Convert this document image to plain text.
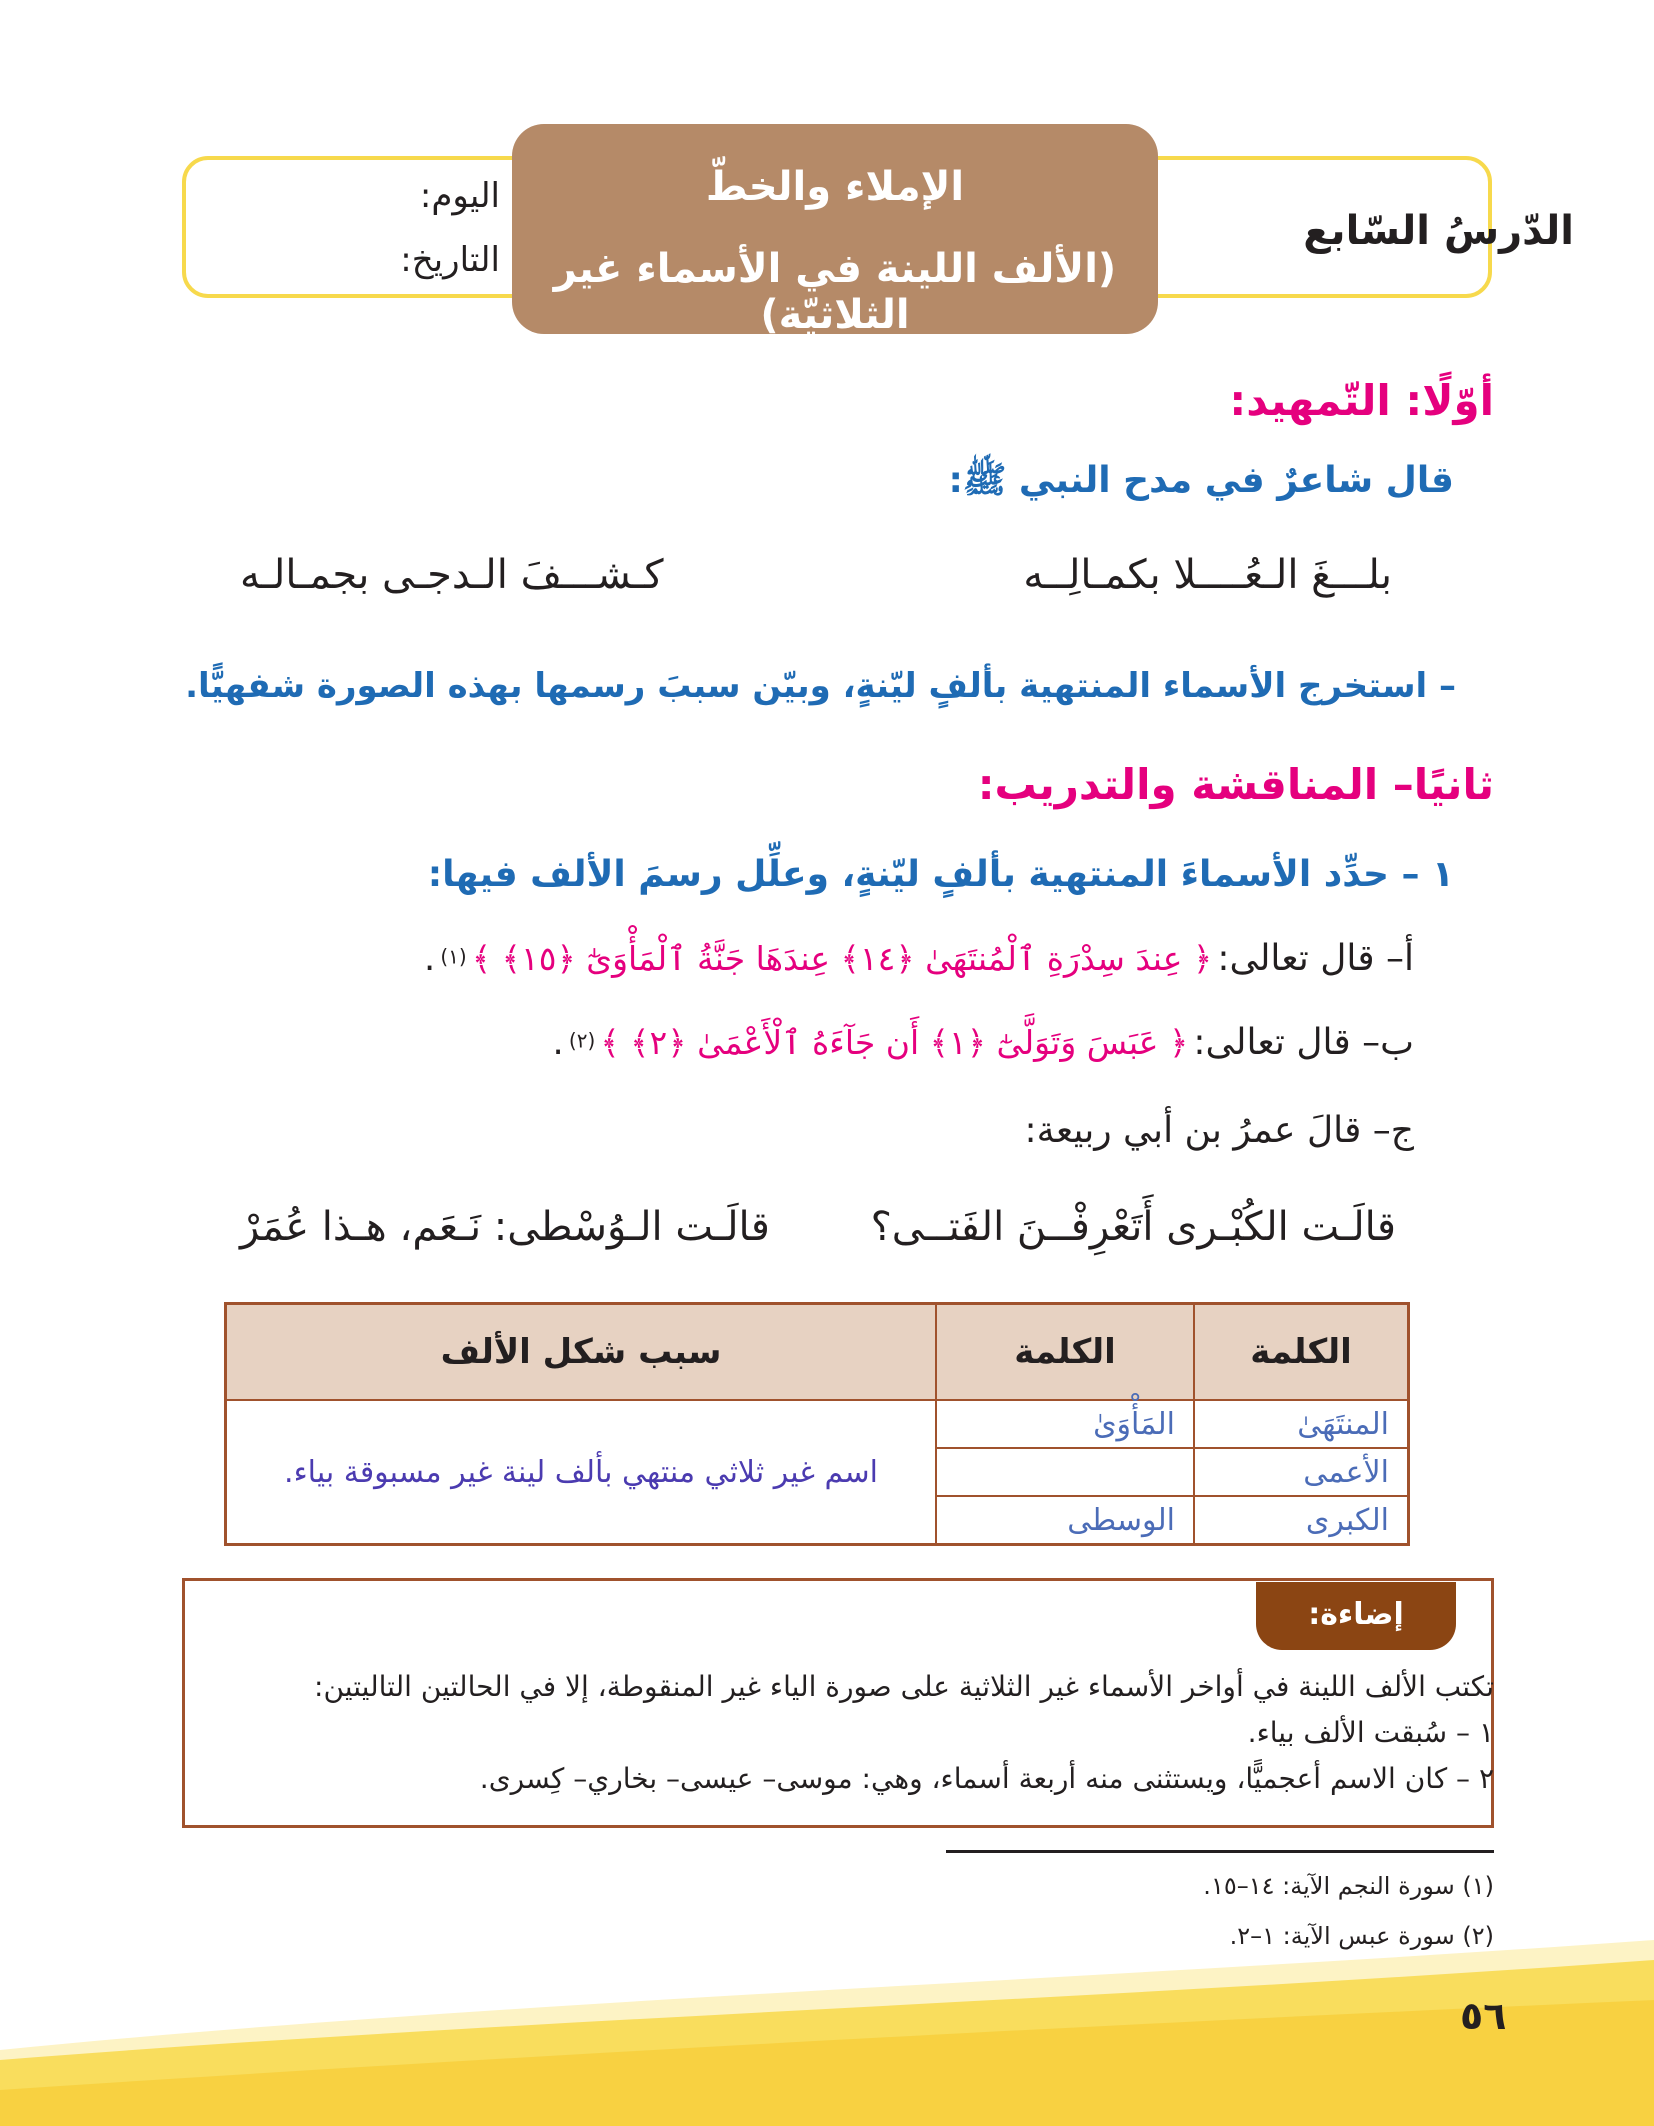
الدّرسُ السّابع
الإملاء والخطّ
(الألف اللينة في الأسماء غير الثلاثيّة)
اليوم:
التاريخ:
أوّلًا: التّمهيد:
قال شاعرٌ في مدح النبي ﷺ:
بلـــغَ الـعُــــلا بكمـالِــه
كـشـــفَ الـدجـى بجمـالـه
– استخرج الأسماء المنتهية بألفٍ ليّنةٍ، وبيّن سببَ رسمها بهذه الصورة شفهيًّا.
ثانيًا– المناقشة والتدريب:
١ – حدِّد الأسماءَ المنتهية بألفٍ ليّنةٍ، وعلِّل رسمَ الألف فيها:
أ– قال تعالى: ﴿ عِندَ سِدْرَةِ ٱلْمُنتَهَىٰ ﴿١٤﴾ عِندَهَا جَنَّةُ ٱلْمَأْوَىٰٓ ﴿١٥﴾ ﴾ (١) .
ب– قال تعالى: ﴿ عَبَسَ وَتَوَلَّىٰٓ ﴿١﴾ أَن جَآءَهُ ٱلْأَعْمَىٰ ﴿٢﴾ ﴾ (٢) .
ج– قالَ عمرُ بن أبي ربيعة:
قالَـت الكُبْـرى أَتَعْرِفْــنَ الفَتــى؟
قالَـت الـوُسْطى: نَـعَم، هـذا عُمَرْ
الكلمة	الكلمة	سبب شكل الألف
المنتَهَىٰ	المَأْوَىٰ	اسم غير ثلاثي منتهي بألف لينة غير مسبوقة بياء.
الأعمى		
الكبرى	الوسطى	
إضاءة:
تكتب الألف اللينة في أواخر الأسماء غير الثلاثية على صورة الياء غير المنقوطة، إلا في الحالتين التاليتين:
١ – سُبقت الألف بياء.
٢ – كان الاسم أعجميًّا، ويستثنى منه أربعة أسماء، وهي: موسى– عيسى– بخاري– كِسرى.
(١) سورة النجم الآية: ١٤–١٥.
(٢) سورة عبس الآية: ١–٢.
٥٦
